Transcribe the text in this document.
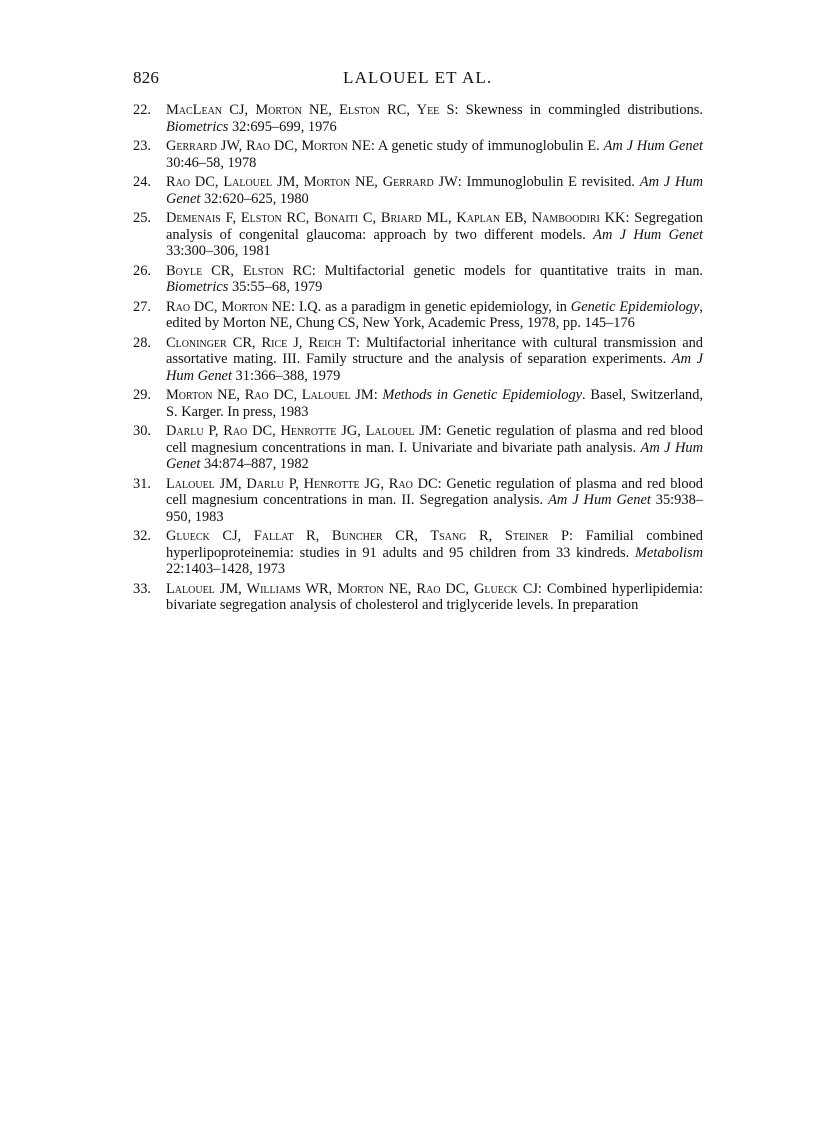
826	LALOUEL ET AL.
22. MacLean CJ, Morton NE, Elston RC, Yee S: Skewness in commingled distributions. Biometrics 32:695–699, 1976
23. Gerrard JW, Rao DC, Morton NE: A genetic study of immunoglobulin E. Am J Hum Genet 30:46–58, 1978
24. Rao DC, Lalouel JM, Morton NE, Gerrard JW: Immunoglobulin E revisited. Am J Hum Genet 32:620–625, 1980
25. Demenais F, Elston RC, Bonaiti C, Briard ML, Kaplan EB, Namboodiri KK: Segregation analysis of congenital glaucoma: approach by two different models. Am J Hum Genet 33:300–306, 1981
26. Boyle CR, Elston RC: Multifactorial genetic models for quantitative traits in man. Biometrics 35:55–68, 1979
27. Rao DC, Morton NE: I.Q. as a paradigm in genetic epidemiology, in Genetic Epidemiology, edited by Morton NE, Chung CS, New York, Academic Press, 1978, pp. 145–176
28. Cloninger CR, Rice J, Reich T: Multifactorial inheritance with cultural transmission and assortative mating. III. Family structure and the analysis of separation experiments. Am J Hum Genet 31:366–388, 1979
29. Morton NE, Rao DC, Lalouel JM: Methods in Genetic Epidemiology. Basel, Switzerland, S. Karger. In press, 1983
30. Darlu P, Rao DC, Henrotte JG, Lalouel JM: Genetic regulation of plasma and red blood cell magnesium concentrations in man. I. Univariate and bivariate path analysis. Am J Hum Genet 34:874–887, 1982
31. Lalouel JM, Darlu P, Henrotte JG, Rao DC: Genetic regulation of plasma and red blood cell magnesium concentrations in man. II. Segregation analysis. Am J Hum Genet 35:938–950, 1983
32. Glueck CJ, Fallat R, Buncher CR, Tsang R, Steiner P: Familial combined hyperlipoproteinemia: studies in 91 adults and 95 children from 33 kindreds. Metabolism 22:1403–1428, 1973
33. Lalouel JM, Williams WR, Morton NE, Rao DC, Glueck CJ: Combined hyperlipidemia: bivariate segregation analysis of cholesterol and triglyceride levels. In preparation
